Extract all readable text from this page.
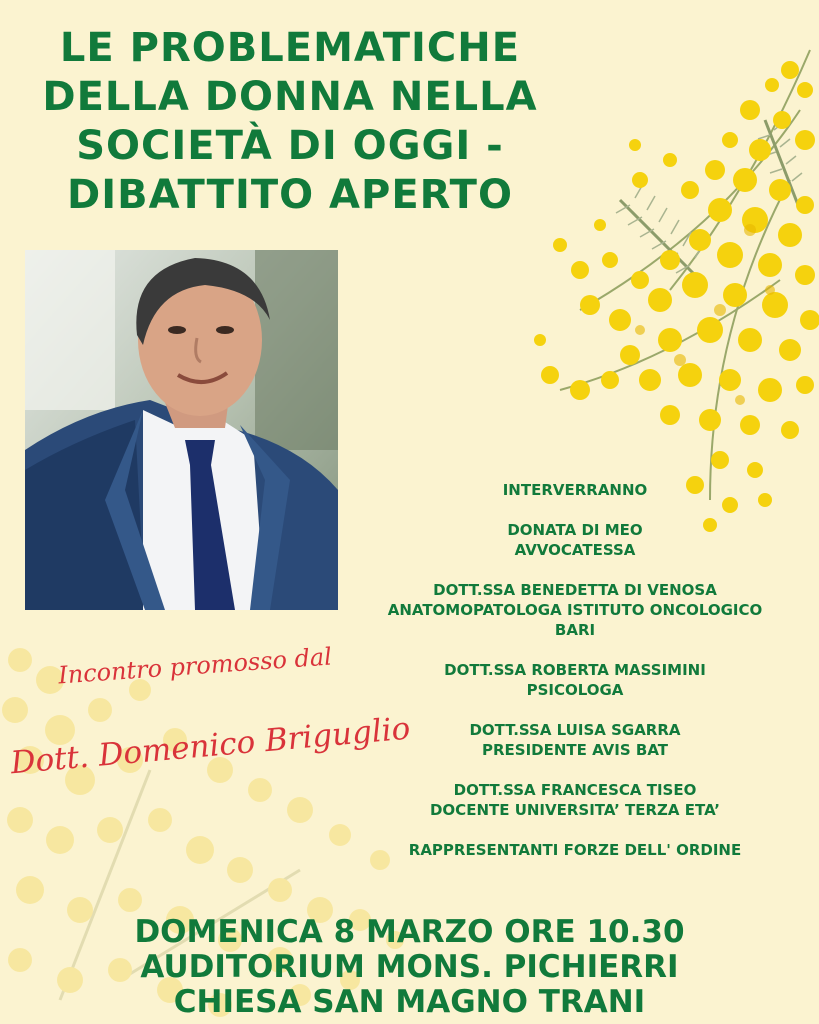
LE PROBLEMATICHE
DELLA DONNA NELLA
SOCIETÀ DI OGGI -
DIBATTITO APERTO
INTERVERRANNO
DONATA DI MEO
AVVOCATESSA
DOTT.SSA BENEDETTA DI VENOSA
ANATOMOPATOLOGA ISTITUTO ONCOLOGICO
BARI
DOTT.SSA ROBERTA MASSIMINI
PSICOLOGA
DOTT.SSA LUISA SGARRA
PRESIDENTE AVIS BAT
DOTT.SSA FRANCESCA TISEO
DOCENTE UNIVERSITA’ TERZA ETA’
RAPPRESENTANTI FORZE DELL' ORDINE
Incontro promosso dal
Dott. Domenico Briguglio
DOMENICA 8 MARZO ORE 10.30
AUDITORIUM MONS. PICHIERRI
CHIESA SAN MAGNO TRANI
